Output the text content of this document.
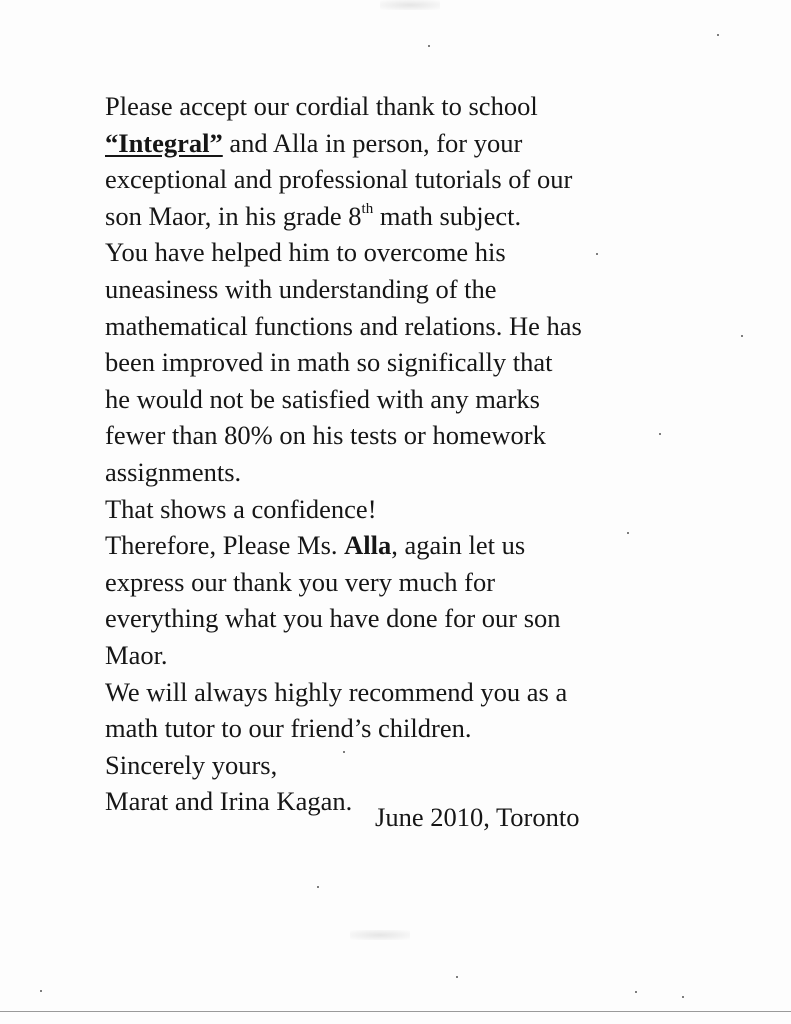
Please accept our cordial thank to school
“Integral” and Alla in person, for your
exceptional and professional tutorials of our
son Maor, in his grade 8th math subject.
You have helped him to overcome his
uneasiness with understanding of the
mathematical functions and relations. He has
been improved in math so significally that
he would not be satisfied with any marks
fewer than 80% on his tests or homework
assignments.
That shows a confidence!
Therefore, Please Ms. Alla, again let us
express our thank you very much for
everything what you have done for our son
Maor.
We will always highly recommend you as a
math tutor to our friend’s children.
Sincerely yours,
Marat and Irina Kagan.
June 2010, Toronto
